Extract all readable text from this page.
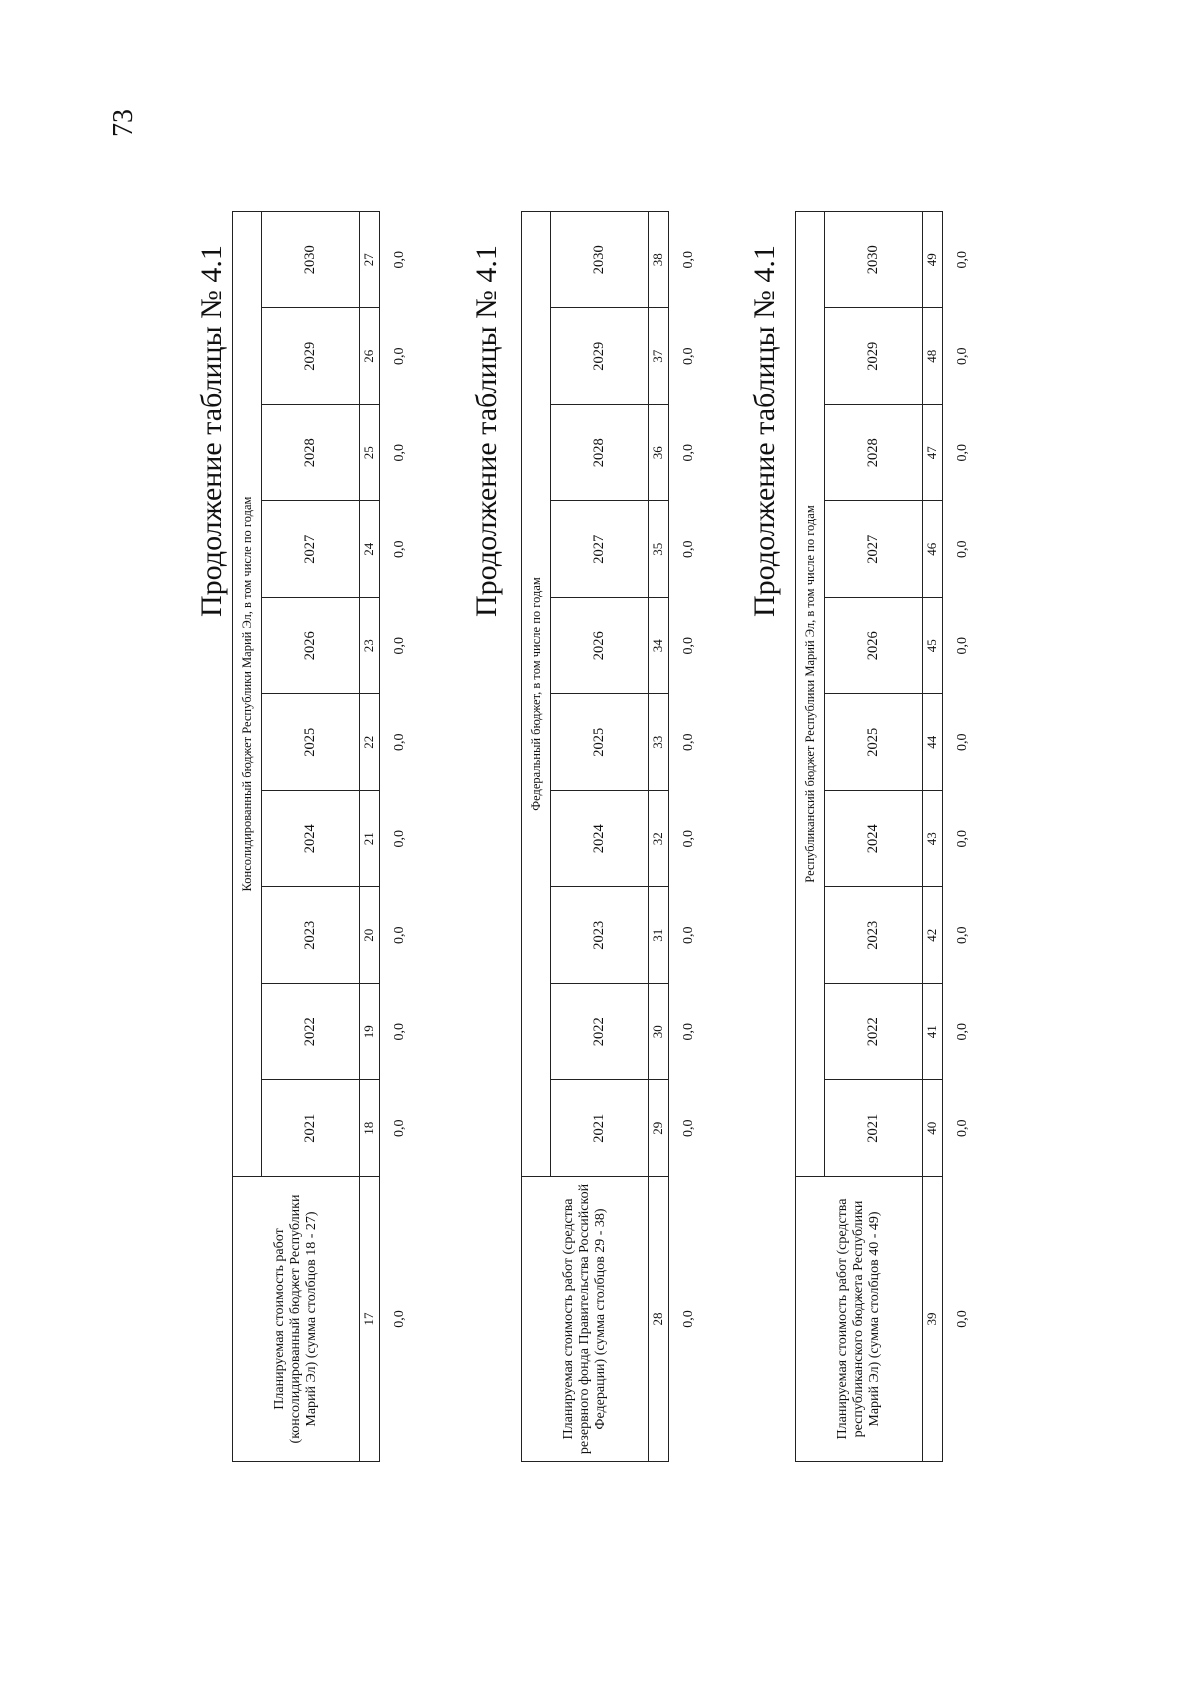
73
Продолжение таблицы № 4.1
Планируемая стоимость работ (консолидированный бюджет Республики Марий Эл) (сумма столбцов 18 - 27)	Консолидированный бюджет Республики Марий Эл, в том числе по годам									
	2021	2022	2023	2024	2025	2026	2027	2028	2029	2030
17	18	19	20	21	22	23	24	25	26	27
0,0	0,0	0,0	0,0	0,0	0,0	0,0	0,0	0,0	0,0	0,0 Продолжение таблицы № 4.1
Планируемая стоимость работ (средства резервного фонда Правительства Российской Федерации) (сумма столбцов 29 - 38)	Федеральный бюджет, в том числе по годам									
	2021	2022	2023	2024	2025	2026	2027	2028	2029	2030
28	29	30	31	32	33	34	35	36	37	38
0,0	0,0	0,0	0,0	0,0	0,0	0,0	0,0	0,0	0,0	0,0 Продолжение таблицы № 4.1
Планируемая стоимость работ (средства республиканского бюджета Республики Марий Эл) (сумма столбцов 40 - 49)	Республиканский бюджет Республики Марий Эл, в том числе по годам									
	2021	2022	2023	2024	2025	2026	2027	2028	2029	2030
39	40	41	42	43	44	45	46	47	48	49
0,0	0,0	0,0	0,0	0,0	0,0	0,0	0,0	0,0	0,0	0,0
